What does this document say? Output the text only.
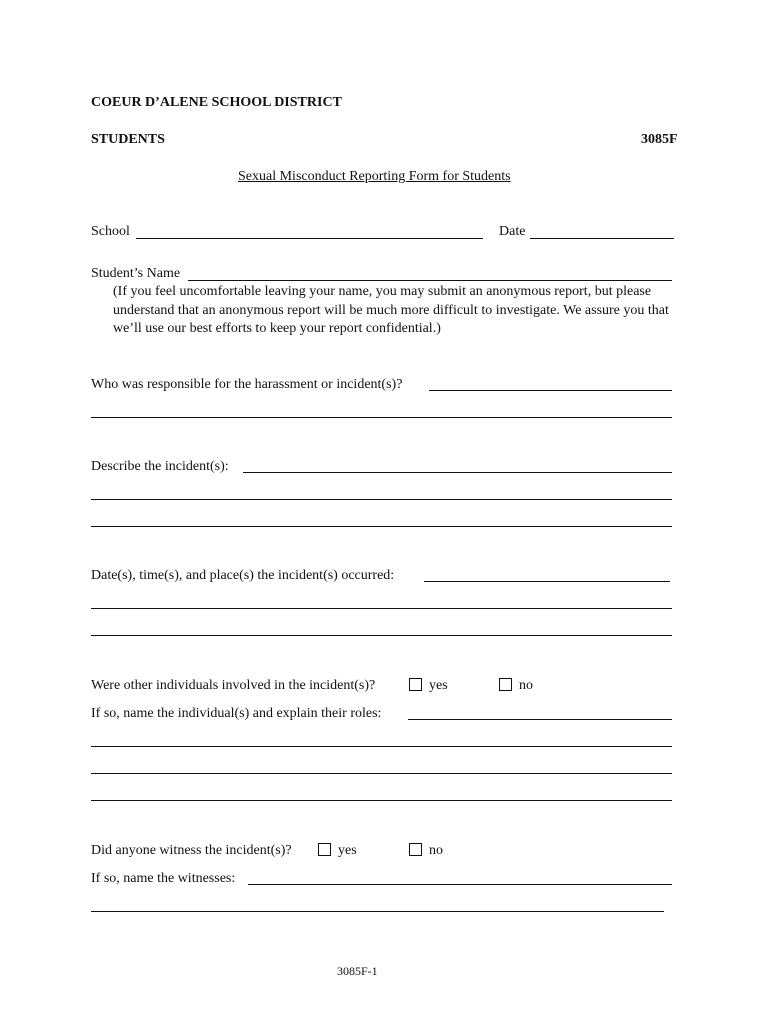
COEUR D’ALENE SCHOOL DISTRICT
STUDENTS	3085F
Sexual Misconduct Reporting Form for Students
School	Date
Student’s Name
(If you feel uncomfortable leaving your name, you may submit an anonymous report, but please understand that an anonymous report will be much more difficult to investigate. We assure you that we’ll use our best efforts to keep your report confidential.)
Who was responsible for the harassment or incident(s)?
Describe the incident(s):
Date(s), time(s), and place(s) the incident(s) occurred:
Were other individuals involved in the incident(s)?	yes	no
If so, name the individual(s) and explain their roles:
Did anyone witness the incident(s)?	yes	no
If so, name the witnesses:
3085F-1
